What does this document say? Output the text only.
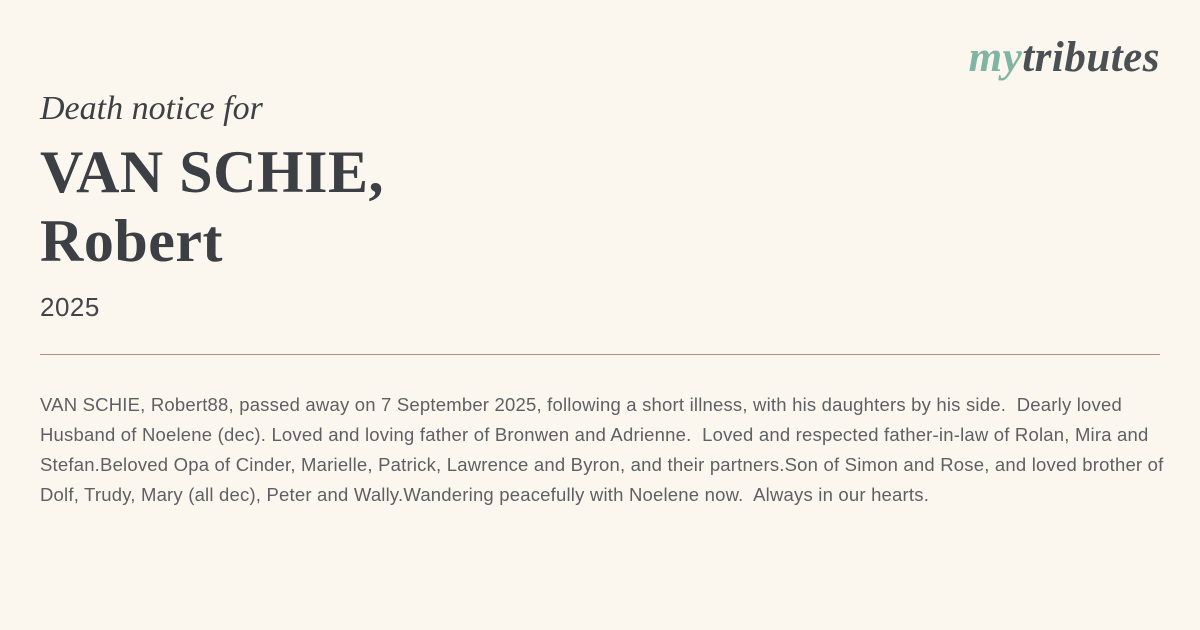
mytributes

Death notice for

VAN SCHIE,
Robert

2025

VAN SCHIE, Robert88, passed away on 7 September 2025, following a short illness, with his daughters by his side.  Dearly loved Husband of Noelene (dec). Loved and loving father of Bronwen and Adrienne.  Loved and respected father-in-law of Rolan, Mira and Stefan.Beloved Opa of Cinder, Marielle, Patrick, Lawrence and Byron, and their partners.Son of Simon and Rose, and loved brother of Dolf, Trudy, Mary (all dec), Peter and Wally.Wandering peacefully with Noelene now.  Always in our hearts.
